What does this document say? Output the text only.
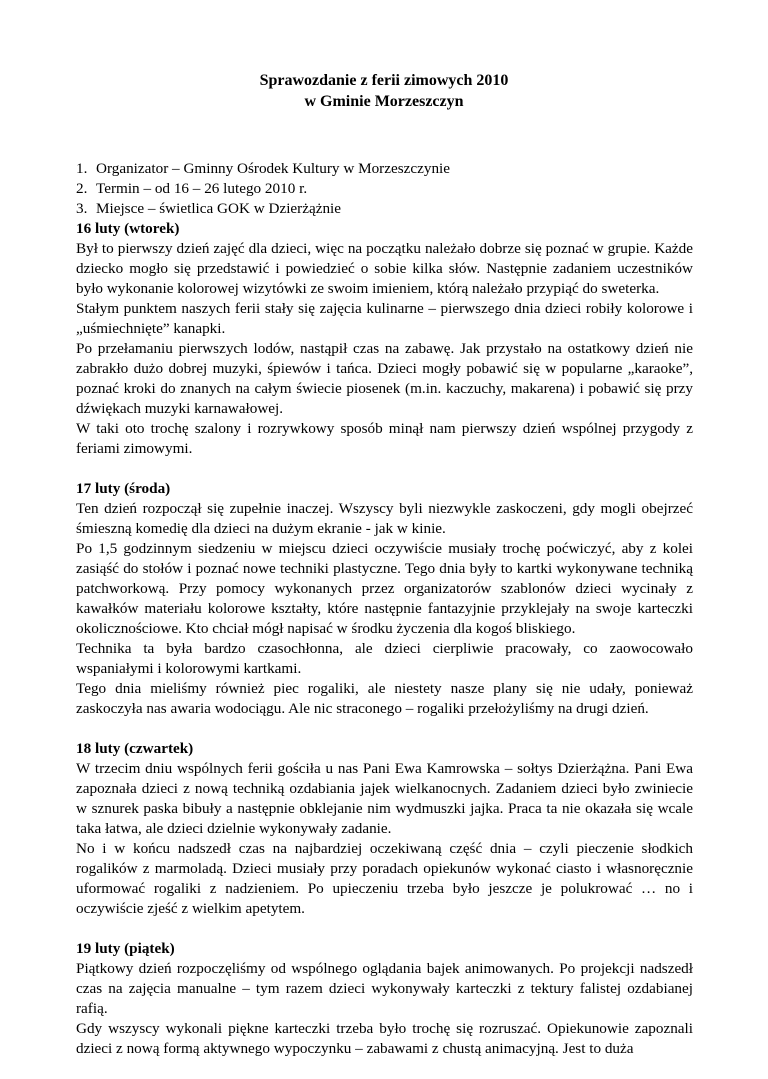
Sprawozdanie z ferii zimowych 2010
w Gminie Morzeszczyn
1. Organizator – Gminny Ośrodek Kultury w Morzeszczynie
2. Termin – od 16 – 26 lutego 2010 r.
3. Miejsce – świetlica GOK w Dzierżążnie
16 luty (wtorek)

Był to pierwszy dzień zajęć dla dzieci, więc na początku należało dobrze się poznać w grupie. Każde dziecko mogło się przedstawić i powiedzieć o sobie kilka słów. Następnie zadaniem uczestników było wykonanie kolorowej wizytówki ze swoim imieniem, którą należało przypiąć do sweterka.

Stałym punktem naszych ferii stały się zajęcia kulinarne – pierwszego dnia dzieci robiły kolorowe i „uśmiechnięte” kanapki.

Po przełamaniu pierwszych lodów, nastąpił czas na zabawę. Jak przystało na ostatkowy dzień nie zabrakło dużo dobrej muzyki, śpiewów i tańca. Dzieci mogły pobawić się w popularne „karaoke”, poznać kroki do znanych na całym świecie piosenek (m.in. kaczuchy, makarena) i pobawić się przy dźwiękach muzyki karnawałowej.

W taki oto trochę szalony i rozrywkowy sposób minął nam pierwszy dzień wspólnej przygody z feriami zimowymi.

17 luty (środa)

Ten dzień rozpoczął się zupełnie inaczej. Wszyscy byli niezwykle zaskoczeni, gdy mogli obejrzeć śmieszną komedię dla dzieci na dużym ekranie - jak w kinie.

Po 1,5 godzinnym siedzeniu w miejscu dzieci oczywiście musiały trochę poćwiczyć, aby z kolei zasiąść do stołów i poznać nowe techniki plastyczne. Tego dnia były to kartki wykonywane techniką patchworkową. Przy pomocy wykonanych przez organizatorów szablonów dzieci wycinały z kawałków materiału kolorowe kształty, które następnie fantazyjnie przyklejały na swoje karteczki okolicznościowe. Kto chciał mógł napisać w środku życzenia dla kogoś bliskiego.

Technika ta była bardzo czasochłonna, ale dzieci cierpliwie pracowały, co zaowocowało wspaniałymi i kolorowymi kartkami.

Tego dnia mieliśmy również piec rogaliki, ale niestety nasze plany się nie udały, ponieważ zaskoczyła nas awaria wodociągu. Ale nic straconego – rogaliki przełożyliśmy na drugi dzień.

18 luty (czwartek)

W trzecim dniu wspólnych ferii gościła u nas Pani Ewa Kamrowska – sołtys Dzierżążna. Pani Ewa zapoznała dzieci z nową techniką ozdabiania jajek wielkanocnych. Zadaniem dzieci było zwiniecie w sznurek paska bibuły a następnie obklejanie nim wydmuszki jajka. Praca ta nie okazała się wcale taka łatwa, ale dzieci dzielnie wykonywały zadanie.

No i w końcu nadszedł czas na najbardziej oczekiwaną część dnia – czyli pieczenie słodkich rogalików z marmoladą. Dzieci musiały przy poradach opiekunów wykonać ciasto i własnoręcznie uformować rogaliki z nadzieniem. Po upieczeniu trzeba było jeszcze je polukrować … no i oczywiście zjeść z wielkim apetytem.

19 luty (piątek)

Piątkowy dzień rozpoczęliśmy od wspólnego oglądania bajek animowanych. Po projekcji nadszedł czas na zajęcia manualne – tym razem dzieci wykonywały karteczki z tektury falistej ozdabianej rafią.

Gdy wszyscy wykonali piękne karteczki trzeba było trochę się rozruszać. Opiekunowie zapoznali dzieci z nową formą aktywnego wypoczynku – zabawami z chustą animacyjną. Jest to duża
